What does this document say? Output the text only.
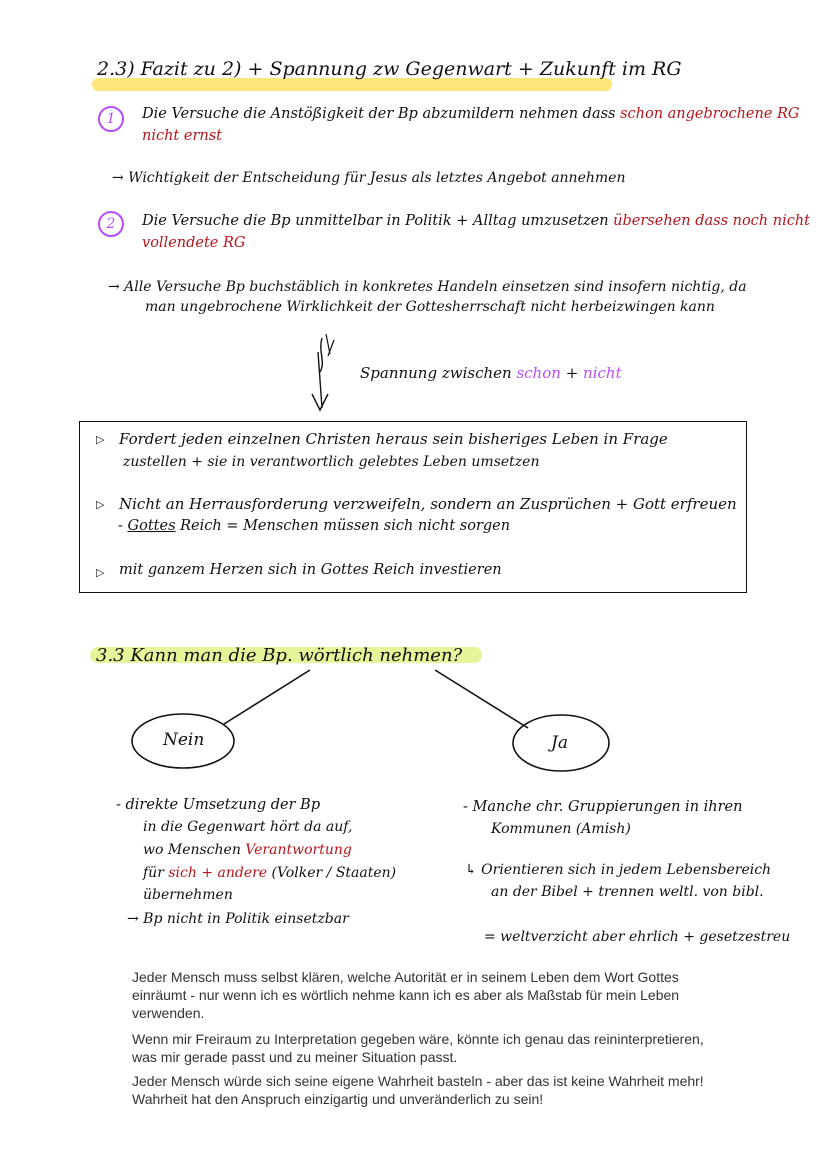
2.3) Fazit zu 2) + Spannung zw Gegenwart + Zukunft im RG
1	Die Versuche die Anstößigkeit der Bp abzumildern nehmen dass schon angebrochene RG
nicht ernst
→ Wichtigkeit der Entscheidung für Jesus als letztes Angebot annehmen
2	Die Versuche die Bp unmittelbar in Politik + Alltag umzusetzen übersehen dass noch nicht
vollendete RG
→ Alle Versuche Bp buchstäblich in konkretes Handeln einsetzen sind insofern nichtig, da
man ungebrochene Wirklichkeit der Gottesherrschaft nicht herbeizwingen kann
Spannung zwischen schon + nicht
▷ Fordert jeden einzelnen Christen heraus sein bisheriges Leben in Frage
zustellen + sie in verantwortlich gelebtes Leben umsetzen
▷ Nicht an Herrausforderung verzweifeln, sondern an Zusprüchen + Gott erfreuen
- Gottes Reich = Menschen müssen sich nicht sorgen
▷ mit ganzem Herzen sich in Gottes Reich investieren
3.3 Kann man die Bp. wörtlich nehmen?
Nein	Ja
- direkte Umsetzung der Bp
in die Gegenwart hört da auf,
wo Menschen Verantwortung
für sich + andere (Volker / Staaten)
übernehmen
→ Bp nicht in Politik einsetzbar
- Manche chr. Gruppierungen in ihren
Kommunen (Amish)
↳ Orientieren sich in jedem Lebensbereich
an der Bibel + trennen weltl. von bibl.
= weltverzicht aber ehrlich + gesetzestreu
Jeder Mensch muss selbst klären, welche Autorität er in seinem Leben dem Wort Gottes einräumt - nur wenn ich es wörtlich nehme kann ich es aber als Maßstab für mein Leben verwenden.
Wenn mir Freiraum zu Interpretation gegeben wäre, könnte ich genau das reininterpretieren, was mir gerade passt und zu meiner Situation passt.
Jeder Mensch würde sich seine eigene Wahrheit basteln - aber das ist keine Wahrheit mehr! Wahrheit hat den Anspruch einzigartig und unveränderlich zu sein!
